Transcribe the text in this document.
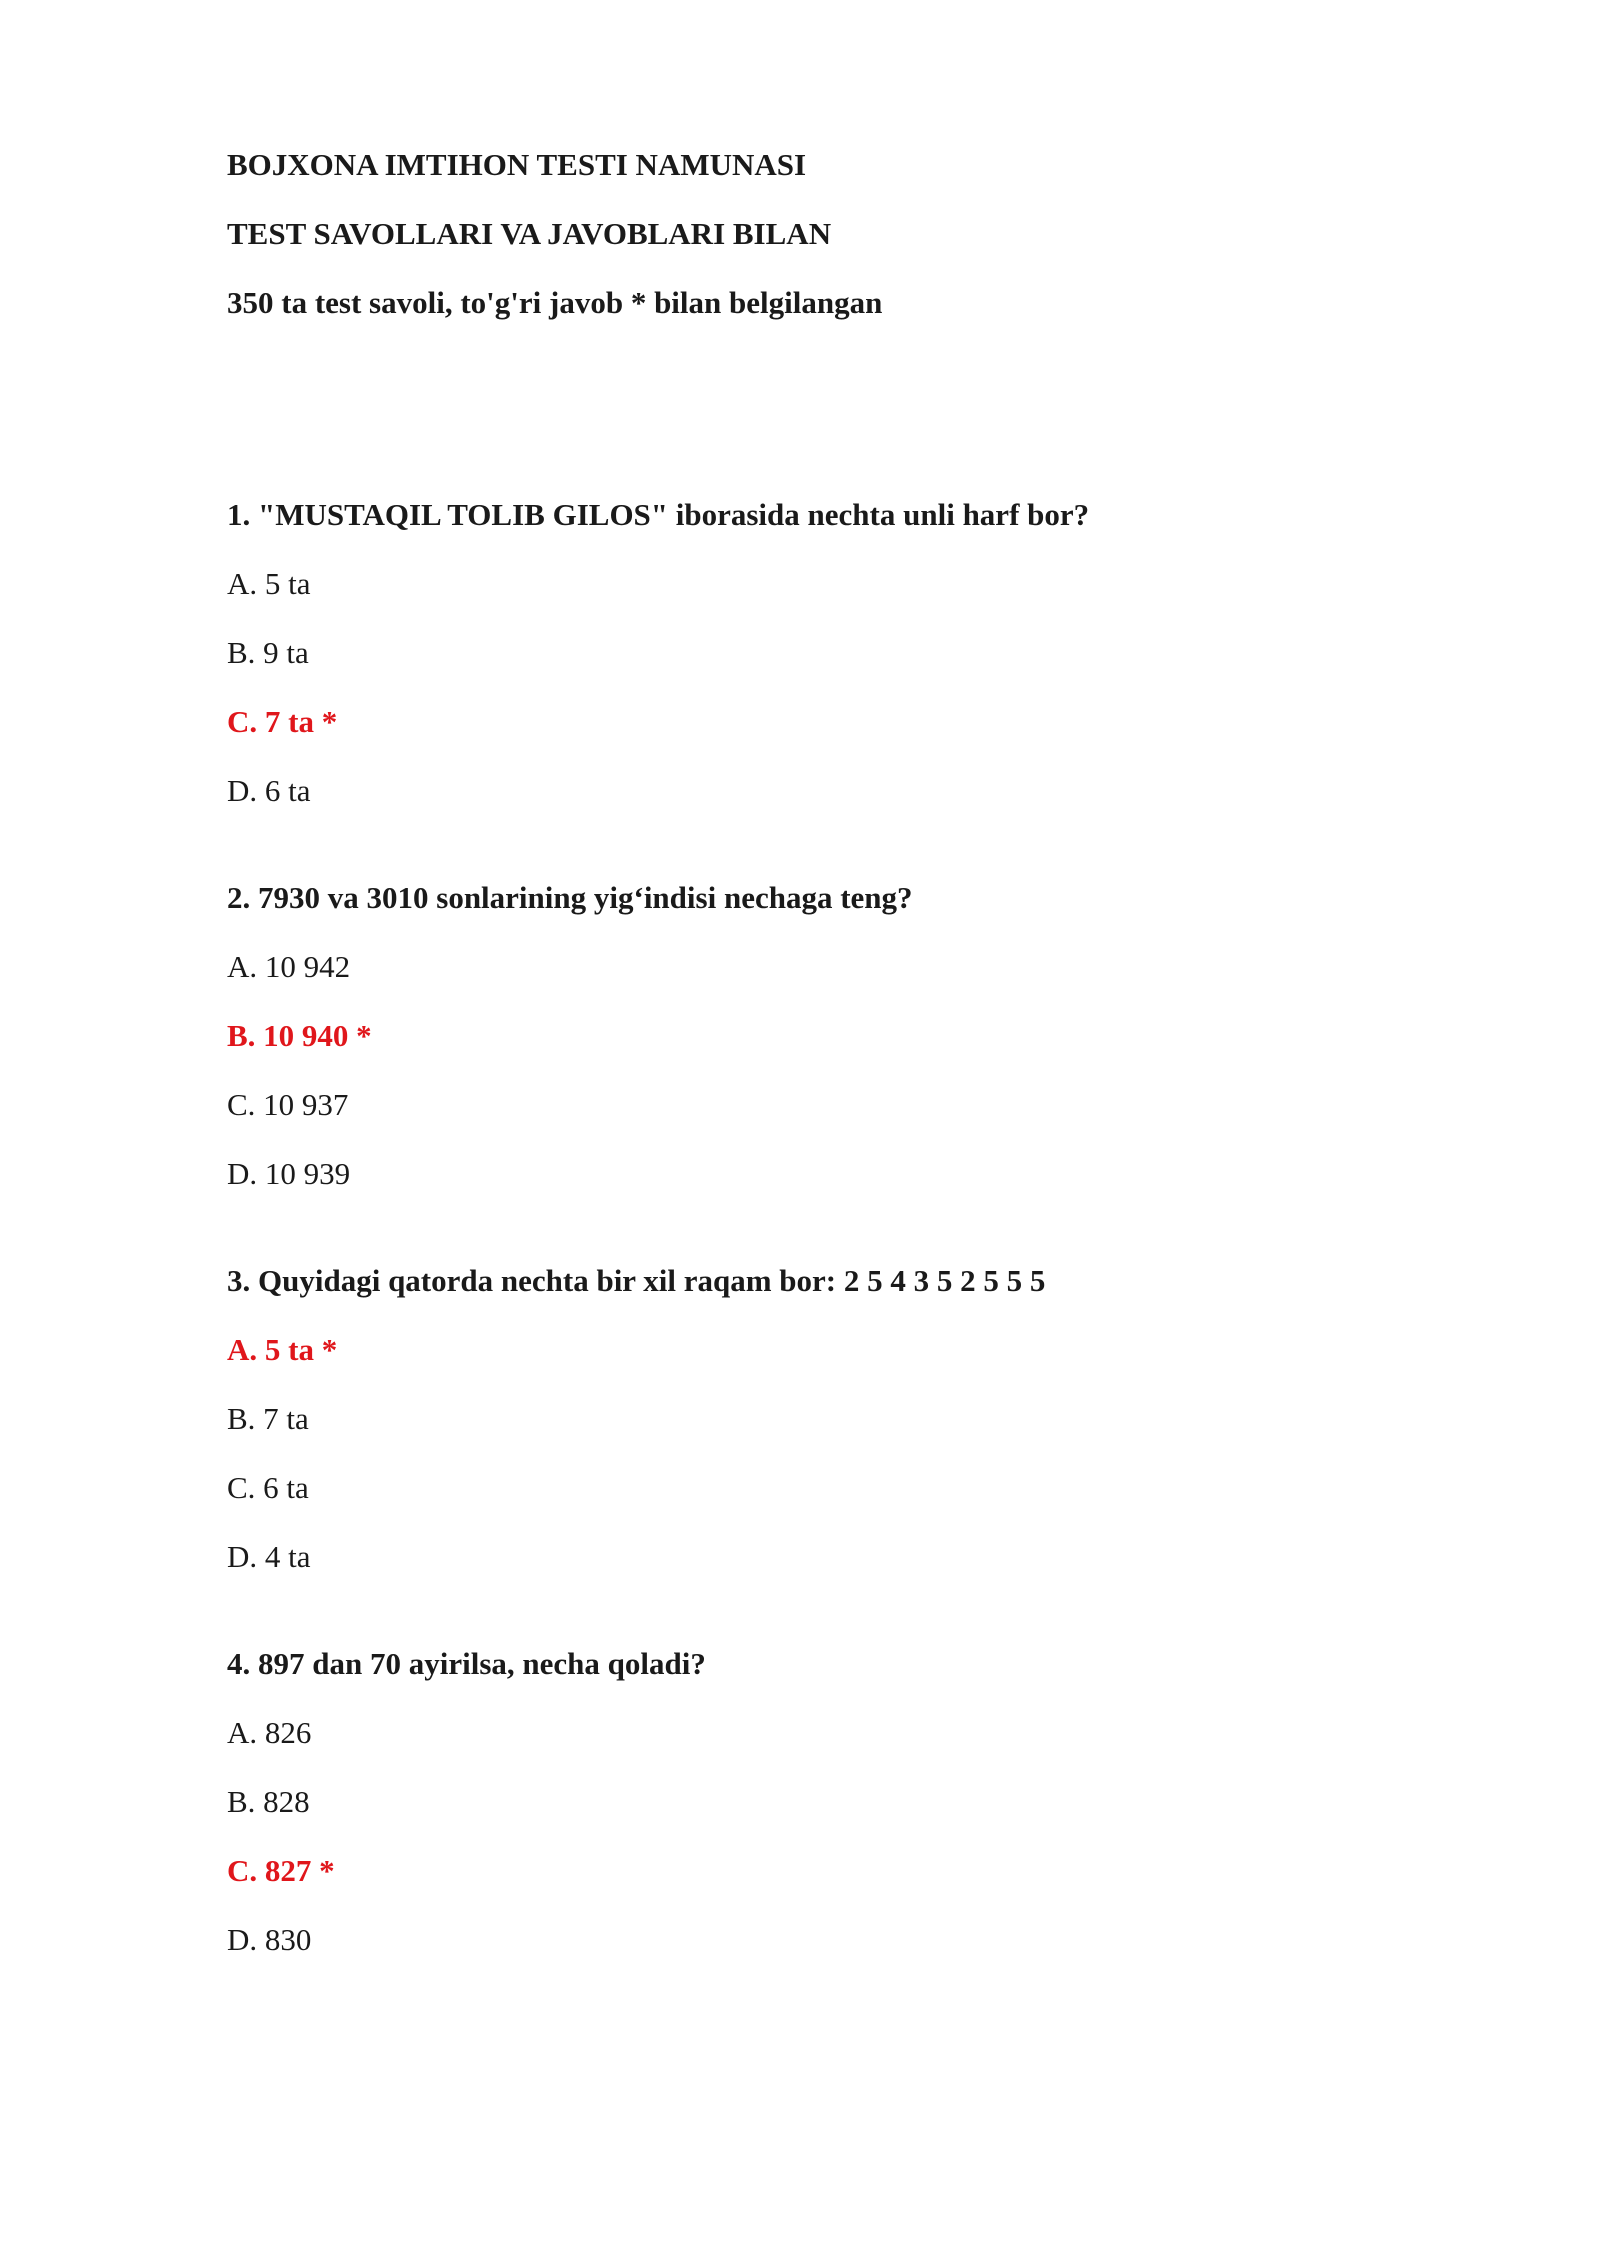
BOJXONA IMTIHON TESTI NAMUNASI
TEST SAVOLLARI VA JAVOBLARI BILAN
350 ta test savoli, to'g'ri javob * bilan belgilangan
1. "MUSTAQIL TOLIB GILOS" iborasida nechta unli harf bor?
A. 5 ta
B. 9 ta
C. 7 ta *
D. 6 ta
2. 7930 va 3010 sonlarining yig‘indisi nechaga teng?
A. 10 942
B. 10 940 *
C. 10 937
D. 10 939
3. Quyidagi qatorda nechta bir xil raqam bor: 2 5 4 3 5 2 5 5 5
A. 5 ta *
B. 7 ta
C. 6 ta
D. 4 ta
4. 897 dan 70 ayirilsa, necha qoladi?
A. 826
B. 828
C. 827 *
D. 830
